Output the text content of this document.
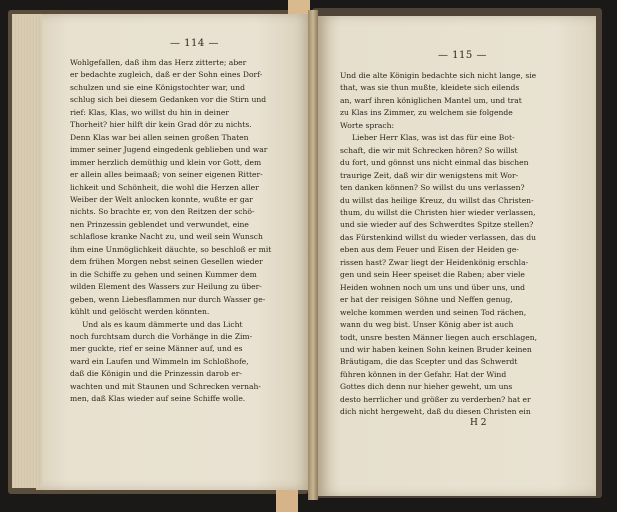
— 114 —
— 115 —
Wohlgefallen, daß ihm das Herz zitterte; aber
er bedachte zugleich, daß er der Sohn eines Dorf-
schulzen und sie eine Königstochter war, und
schlug sich bei diesem Gedanken vor die Stirn und
rief: Klas, Klas, wo willst du hin in deiner
Thorheit? hier hilft dir kein Grad dör zu nichts.
Denn Klas war bei allen seinen großen Thaten
immer seiner Jugend eingedenk geblieben und war
immer herzlich demüthig und klein vor Gott, dem
er allein alles beimaaß; von seiner eigenen Ritter-
lichkeit und Schönheit, die wohl die Herzen aller
Weiber der Welt anlocken konnte, wußte er gar
nichts. So brachte er, von den Reitzen der schö-
nen Prinzessin geblendet und verwundet, eine
schlaflose kranke Nacht zu, und weil sein Wunsch
ihm eine Unmöglichkeit däuchte, so beschloß er mit
dem frühen Morgen nebst seinen Gesellen wieder
in die Schiffe zu gehen und seinen Kummer dem
wilden Element des Wassers zur Heilung zu über-
geben, wenn Liebesflammen nur durch Wasser ge-
kühlt und gelöscht werden könnten.
Und als es kaum dämmerte und das Licht
noch furchtsam durch die Vorhänge in die Zim-
mer guckte, rief er seine Männer auf, und es
ward ein Laufen und Wimmeln im Schloßhofe,
daß die Königin und die Prinzessin darob er-
wachten und mit Staunen und Schrecken vernah-
men, daß Klas wieder auf seine Schiffe wolle.
Und die alte Königin bedachte sich nicht lange, sie
that, was sie thun mußte, kleidete sich eilends
an, warf ihren königlichen Mantel um, und trat
zu Klas ins Zimmer, zu welchem sie folgende
Worte sprach:
Lieber Herr Klas, was ist das für eine Bot-
schaft, die wir mit Schrecken hören? So willst
du fort, und gönnst uns nicht einmal das bischen
traurige Zeit, daß wir dir wenigstens mit Wor-
ten danken können? So willst du uns verlassen?
du willst das heilige Kreuz, du willst das Christen-
thum, du willst die Christen hier wieder verlassen,
und sie wieder auf des Schwerdtes Spitze stellen?
das Fürstenkind willst du wieder verlassen, das du
eben aus dem Feuer und Eisen der Heiden ge-
rissen hast? Zwar liegt der Heidenkönig erschla-
gen und sein Heer speiset die Raben; aber viele
Heiden wohnen noch um uns und über uns, und
er hat der reisigen Söhne und Neffen genug,
welche kommen werden und seinen Tod rächen,
wann du weg bist. Unser König aber ist auch
todt, unsre besten Männer liegen auch erschlagen,
und wir haben keinen Sohn keinen Bruder keinen
Bräutigam, die das Scepter und das Schwerdt
führen können in der Gefahr. Hat der Wind
Gottes dich denn nur hieher geweht, um uns
desto herrlicher und größer zu verderben? hat er
dich nicht hergeweht, daß du diesen Christen ein
H 2
